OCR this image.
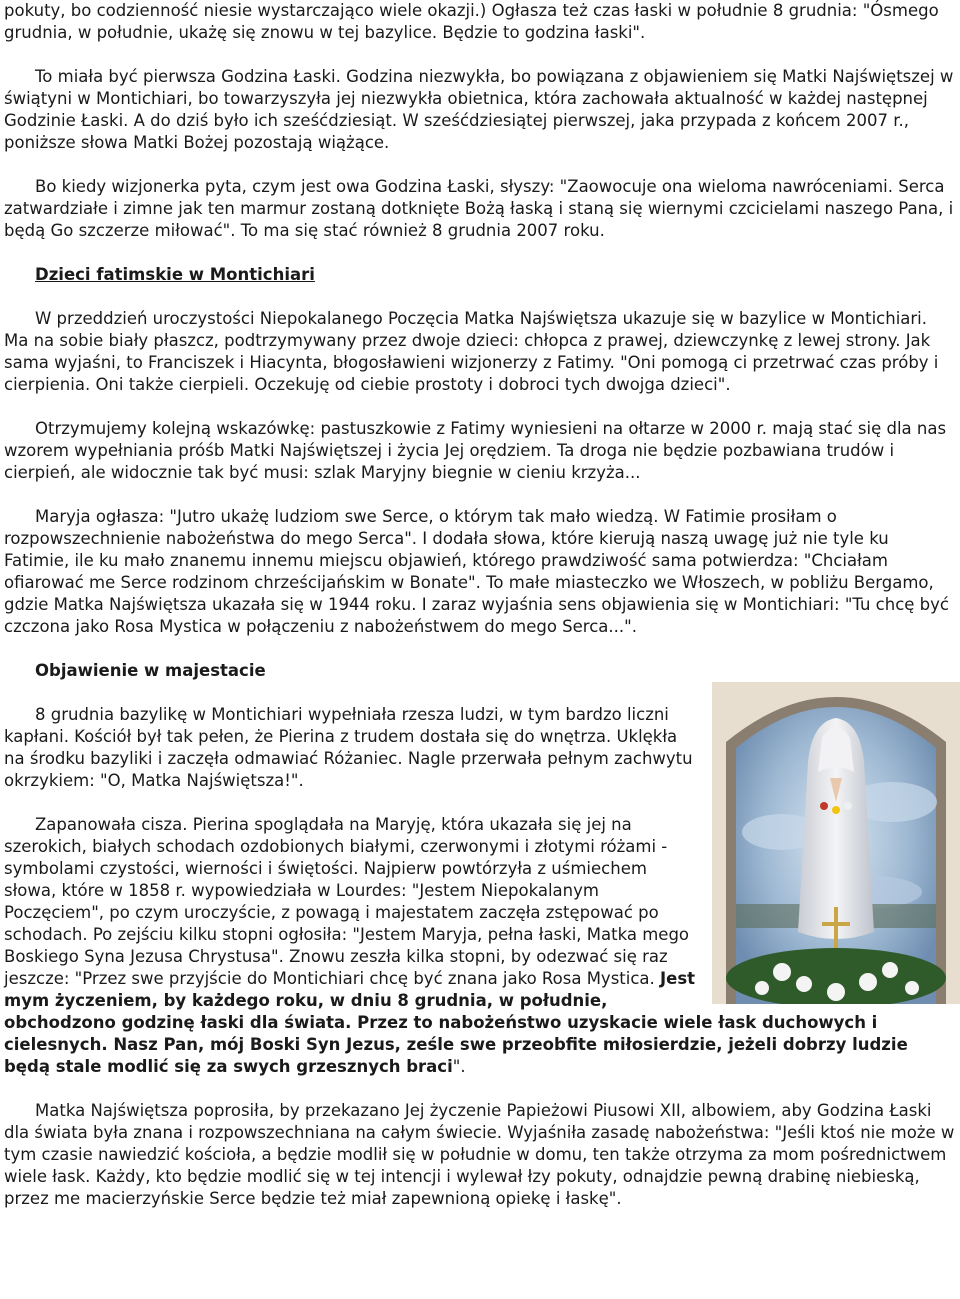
pokuty, bo codzienność niesie wystarczająco wiele okazji.) Ogłasza też czas łaski w południe 8 grudnia: "Ósmego grudnia, w południe, ukażę się znowu w tej bazylice. Będzie to godzina łaski".

To miała być pierwsza Godzina Łaski. Godzina niezwykła, bo powiązana z objawieniem się Matki Najświętszej w świątyni w Montichiari, bo towarzyszyła jej niezwykła obietnica, która zachowała aktualność w każdej następnej Godzinie Łaski. A do dziś było ich sześćdziesiąt. W sześćdziesiątej pierwszej, jaka przypada z końcem 2007 r., poniższe słowa Matki Bożej pozostają wiążące.

Bo kiedy wizjonerka pyta, czym jest owa Godzina Łaski, słyszy: "Zaowocuje ona wieloma nawróceniami. Serca zatwardziałe i zimne jak ten marmur zostaną dotknięte Bożą łaską i staną się wiernymi czcicielami naszego Pana, i będą Go szczerze miłować". To ma się stać również 8 grudnia 2007 roku.

Dzieci fatimskie w Montichiari

W przeddzień uroczystości Niepokalanego Poczęcia Matka Najświętsza ukazuje się w bazylice w Montichiari. Ma na sobie biały płaszcz, podtrzymywany przez dwoje dzieci: chłopca z prawej, dziewczynkę z lewej strony. Jak sama wyjaśni, to Franciszek i Hiacynta, błogosławieni wizjonerzy z Fatimy. "Oni pomogą ci przetrwać czas próby i cierpienia. Oni także cierpieli. Oczekuję od ciebie prostoty i dobroci tych dwojga dzieci".

Otrzymujemy kolejną wskazówkę: pastuszkowie z Fatimy wyniesieni na ołtarze w 2000 r. mają stać się dla nas wzorem wypełniania próśb Matki Najświętszej i życia Jej orędziem. Ta droga nie będzie pozbawiana trudów i cierpień, ale widocznie tak być musi: szlak Maryjny biegnie w cieniu krzyża...

Maryja ogłasza: "Jutro ukażę ludziom swe Serce, o którym tak mało wiedzą. W Fatimie prosiłam o rozpowszechnienie nabożeństwa do mego Serca". I dodała słowa, które kierują naszą uwagę już nie tyle ku Fatimie, ile ku mało znanemu innemu miejscu objawień, którego prawdziwość sama potwierdza: "Chciałam ofiarować me Serce rodzinom chrześcijańskim w Bonate". To małe miasteczko we Włoszech, w pobliżu Bergamo, gdzie Matka Najświętsza ukazała się w 1944 roku. I zaraz wyjaśnia sens objawienia się w Montichiari: "Tu chcę być czczona jako Rosa Mystica w połączeniu z nabożeństwem do mego Serca...".

Objawienie w majestacie

8 grudnia bazylikę w Montichiari wypełniała rzesza ludzi, w tym bardzo liczni kapłani. Kościół był tak pełen, że Pierina z trudem dostała się do wnętrza. Uklękła na środku bazyliki i zaczęła odmawiać Różaniec. Nagle przerwała pełnym zachwytu okrzykiem: "O, Matka Najświętsza!".

Zapanowała cisza. Pierina spoglądała na Maryję, która ukazała się jej na szerokich, białych schodach ozdobionych białymi, czerwonymi i złotymi różami - symbolami czystości, wierności i świętości. Najpierw powtórzyła z uśmiechem słowa, które w 1858 r. wypowiedziała w Lourdes: "Jestem Niepokalanym Poczęciem", po czym uroczyście, z powagą i majestatem zaczęła zstępować po schodach. Po zejściu kilku stopni ogłosiła: "Jestem Maryja, pełna łaski, Matka mego Boskiego Syna Jezusa Chrystusa". Znowu zeszła kilka stopni, by odezwać się raz jeszcze: "Przez swe przyjście do Montichiari chcę być znana jako Rosa Mystica. Jest mym życzeniem, by każdego roku, w dniu 8 grudnia, w południe, obchodzono godzinę łaski dla świata. Przez to nabożeństwo uzyskacie wiele łask duchowych i cielesnych. Nasz Pan, mój Boski Syn Jezus, ześle swe przeobfite miłosierdzie, jeżeli dobrzy ludzie będą stale modlić się za swych grzesznych braci".

Matka Najświętsza poprosiła, by przekazano Jej życzenie Papieżowi Piusowi XII, albowiem, aby Godzina Łaski dla świata była znana i rozpowszechniana na całym świecie. Wyjaśniła zasadę nabożeństwa: "Jeśli ktoś nie może w tym czasie nawiedzić kościoła, a będzie modlił się w południe w domu, ten także otrzyma za mom pośrednictwem wiele łask. Każdy, kto będzie modlić się w tej intencji i wylewał łzy pokuty, odnajdzie pewną drabinę niebieską, przez me macierzyńskie Serce będzie też miał zapewnioną opiekę i łaskę".
